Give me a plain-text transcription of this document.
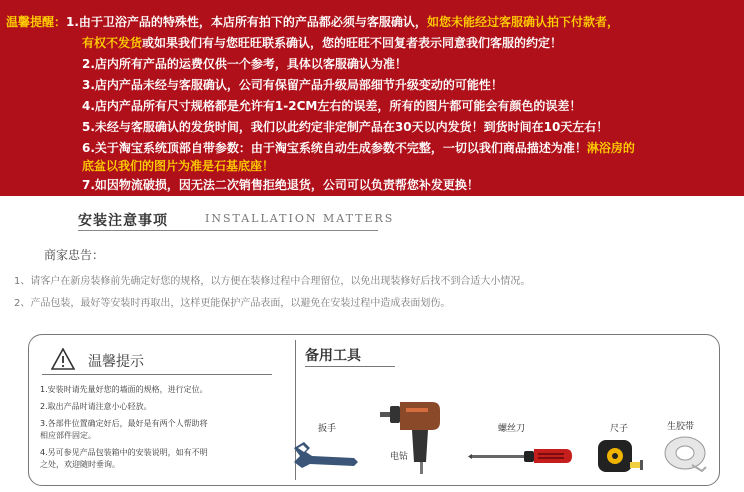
温馨提醒：1.由于卫浴产品的特殊性，本店所有拍下的产品都必须与客服确认，如您未能经过客服确认拍下付款者，
有权不发货或如果我们有与您旺旺联系确认，您的旺旺不回复者表示同意我们客服的约定！
2.店内所有产品的运费仅供一个参考，具体以客服确认为准！
3.店内产品未经与客服确认，公司有保留产品升级局部细节升级变动的可能性！
4.店内产品所有尺寸规格都是允许有1-2CM左右的误差，所有的图片都可能会有颜色的误差！
5.未经与客服确认的发货时间，我们以此约定非定制产品在30天以内发货！到货时间在10天左右！
6.关于淘宝系统顶部自带参数：由于淘宝系统自动生成参数不完整，一切以我们商品描述为准！淋浴房的
底盆以我们的图片为准是石基底座！
7.如因物流破损，因无法二次销售拒绝退货，公司可以负责帮您补发更换！
安装注意事项	INSTALLATION MATTERS
商家忠告：
1、请客户在新房装修前先确定好您的规格，以方便在装修过程中合理留位，以免出现装修好后找不到合适大小情况。
2、产品包装，最好等安装时再取出，这样更能保护产品表面，以避免在安装过程中造成表面划伤。
温馨提示
1.安装时请先量好您的墙面的规格，进行定位。
2.取出产品时请注意小心轻放。
3.各部件位置确定好后，最好是有两个人帮助将
相应部件固定。
4.另可参见产品包装箱中的安装说明，如有不明
之处，欢迎随时垂询。
备用工具
扳手
电钻
螺丝刀	尺子	生胶带
